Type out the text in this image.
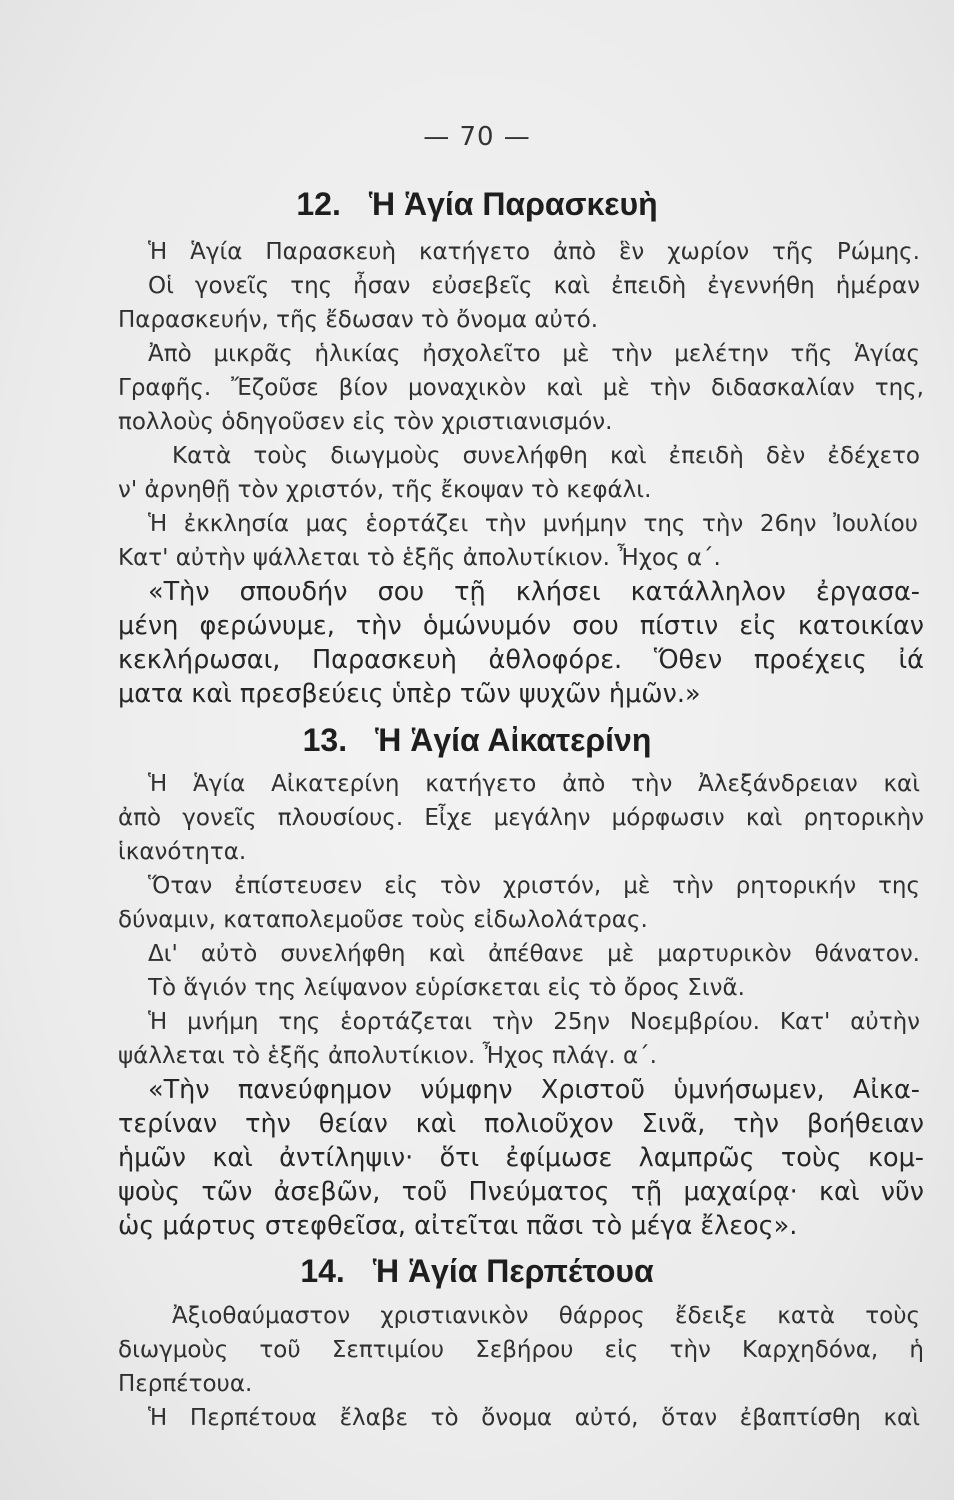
— 70 —
12. Ἡ Ἁγία Παρασκευὴ
Ἡ Ἁγία Παρασκευὴ κατήγετο ἀπὸ ἓν χωρίον τῆς Ρώμης.
Οἱ γονεῖς της ἦσαν εὐσεβεῖς καὶ ἐπειδὴ ἐγεννήθη ἡμέραν
Παρασκευήν, τῆς ἔδωσαν τὸ ὄνομα αὐτό.
Ἀπὸ μικρᾶς ἡλικίας ἠσχολεῖτο μὲ τὴν μελέτην τῆς Ἁγίας
Γραφῆς. Ἔζοῦσε βίον μοναχικὸν καὶ μὲ τὴν διδασκαλίαν της,
πολλοὺς ὁδηγοῦσεν εἰς τὸν χριστιανισμόν.
Κατὰ τοὺς διωγμοὺς συνελήφθη καὶ ἐπειδὴ δὲν ἐδέχετο
ν' ἀρνηθῇ τὸν χριστόν, τῆς ἔκοψαν τὸ κεφάλι.
Ἡ ἐκκλησία μας ἑορτάζει τὴν μνήμην της τὴν 26ην Ἰουλίου
Κατ' αὐτὴν ψάλλεται τὸ ἑξῆς ἀπολυτίκιον. Ἦχος α΄.
«Τὴν σπουδήν σου τῇ κλήσει κατάλληλον ἐργασα-
μένη φερώνυμε, τὴν ὁμώνυμόν σου πίστιν εἰς κατοικίαν
κεκλήρωσαι, Παρασκευὴ ἀθλοφόρε. Ὅθεν προέχεις ἰά
ματα καὶ πρεσβεύεις ὑπὲρ τῶν ψυχῶν ἡμῶν.»
13. Ἡ Ἁγία Αἰκατερίνη
Ἡ Ἁγία Αἰκατερίνη κατήγετο ἀπὸ τὴν Ἀλεξάνδρειαν καὶ
ἀπὸ γονεῖς πλουσίους. Εἶχε μεγάλην μόρφωσιν καὶ ρητορικὴν
ἱκανότητα.
Ὅταν ἐπίστευσεν εἰς τὸν χριστόν, μὲ τὴν ρητορικήν της
δύναμιν, καταπολεμοῦσε τοὺς εἰδωλολάτρας.
Δι' αὐτὸ συνελήφθη καὶ ἀπέθανε μὲ μαρτυρικὸν θάνατον.
Τὸ ἅγιόν της λείψανον εὑρίσκεται εἰς τὸ ὄρος Σινᾶ.
Ἡ μνήμη της ἑορτάζεται τὴν 25ην Νοεμβρίου. Κατ' αὐτὴν
ψάλλεται τὸ ἑξῆς ἀπολυτίκιον. Ἦχος πλάγ. α΄.
«Τὴν πανεύφημον νύμφην Χριστοῦ ὑμνήσωμεν, Αἰκα-
τερίναν τὴν θείαν καὶ πολιοῦχον Σινᾶ, τὴν βοήθειαν
ἡμῶν καὶ ἀντίληψιν· ὅτι ἐφίμωσε λαμπρῶς τοὺς κομ-
ψοὺς τῶν ἀσεβῶν, τοῦ Πνεύματος τῇ μαχαίρᾳ· καὶ νῦν
ὡς μάρτυς στεφθεῖσα, αἰτεῖται πᾶσι τὸ μέγα ἔλεος».
14. Ἡ Ἁγία Περπέτουα
Ἀξιοθαύμαστον χριστιανικὸν θάρρος ἔδειξε κατὰ τοὺς
διωγμοὺς τοῦ Σεπτιμίου Σεβήρου εἰς τὴν Καρχηδόνα, ἡ
Περπέτουα.
Ἡ Περπέτουα ἔλαβε τὸ ὄνομα αὐτό, ὅταν ἐβαπτίσθη καὶ
